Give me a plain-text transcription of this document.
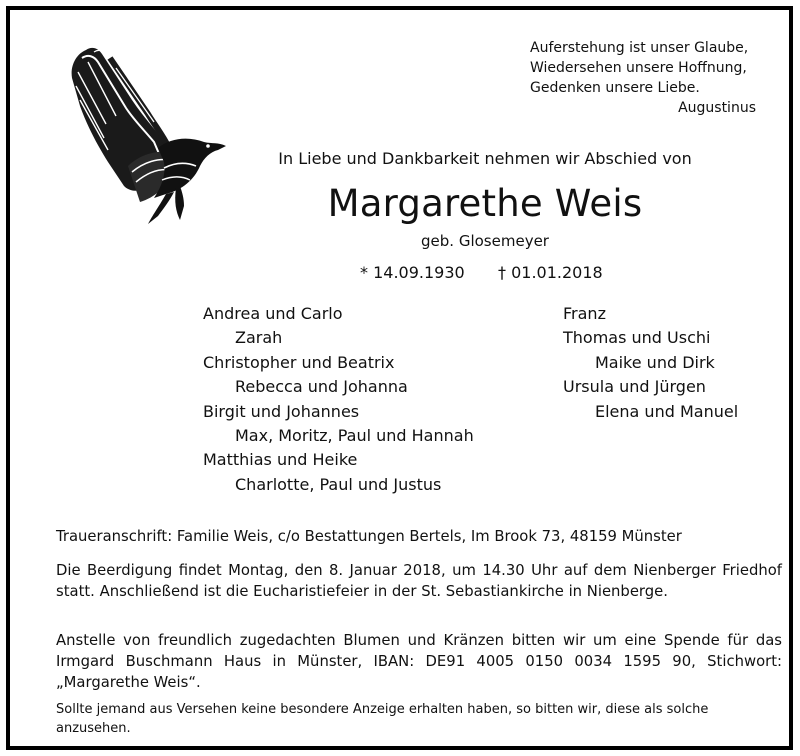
Auferstehung ist unser Glaube,
Wiedersehen unsere Hoffnung,
Gedenken unsere Liebe.
Augustinus
In Liebe und Dankbarkeit nehmen wir Abschied von
Margarethe Weis
geb. Glosemeyer
* 14.09.1930 † 01.01.2018
Andrea und Carlo
Zarah
Christopher und Beatrix
Rebecca und Johanna
Birgit und Johannes
Max, Moritz, Paul und Hannah
Matthias und Heike
Charlotte, Paul und Justus
Franz
Thomas und Uschi
Maike und Dirk
Ursula und Jürgen
Elena und Manuel
Traueranschrift: Familie Weis, c/o Bestattungen Bertels, Im Brook 73, 48159 Münster
Die Beerdigung findet Montag, den 8. Januar 2018, um 14.30 Uhr auf dem Nienberger Friedhof statt. Anschließend ist die Eucharistiefeier in der St. Sebastiankirche in Nienberge.
Anstelle von freundlich zugedachten Blumen und Kränzen bitten wir um eine Spende für das Irmgard Buschmann Haus in Münster, IBAN: DE91 4005 0150 0034 1595 90, Stichwort: „Margarethe Weis“.
Sollte jemand aus Versehen keine besondere Anzeige erhalten haben, so bitten wir, diese als solche anzusehen.
